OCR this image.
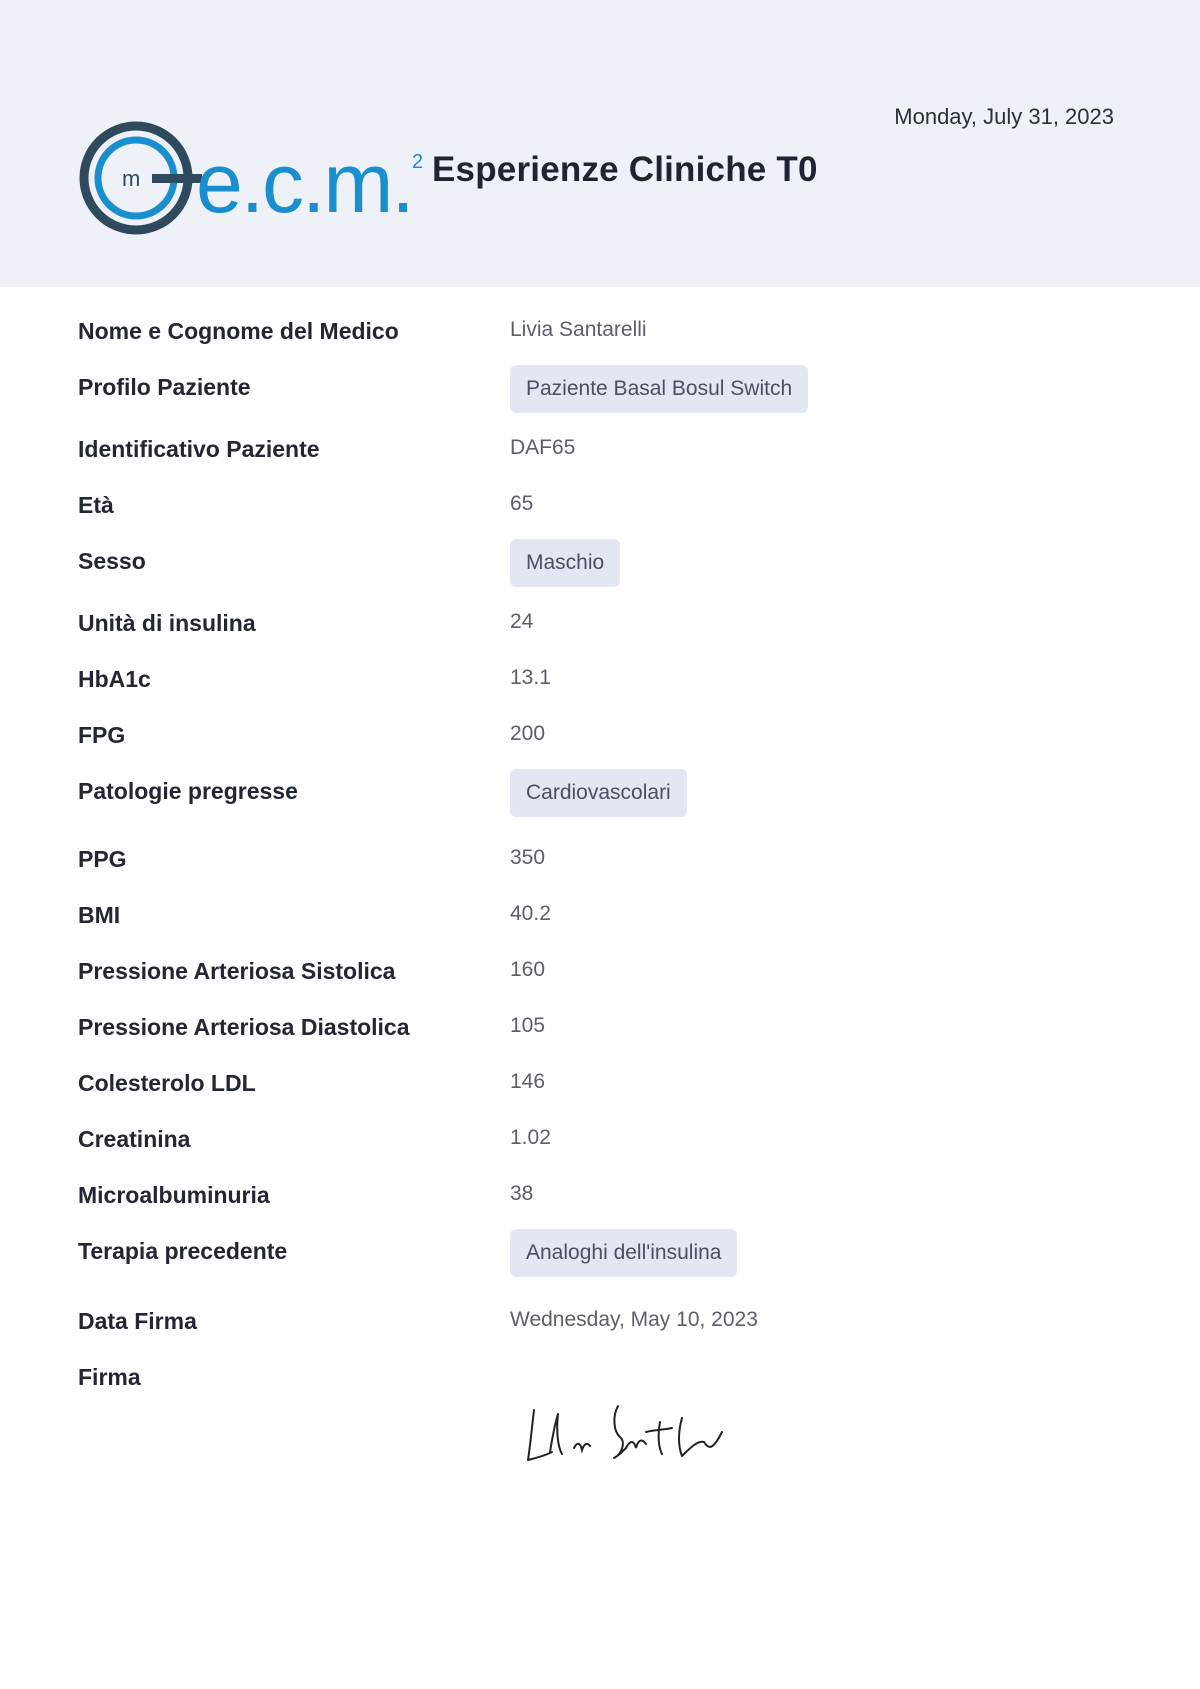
m e.c.m. 2 Esperienze Cliniche T0
Monday, July 31, 2023
Nome e Cognome del Medico	Livia Santarelli
Profilo Paziente	Paziente Basal Bosul Switch
Identificativo Paziente	DAF65
Età	65
Sesso	Maschio
Unità di insulina	24
HbA1c	13.1
FPG	200
Patologie pregresse	Cardiovascolari
PPG	350
BMI	40.2
Pressione Arteriosa Sistolica	160
Pressione Arteriosa Diastolica	105
Colesterolo LDL	146
Creatinina	1.02
Microalbuminuria	38
Terapia precedente	Analoghi dell'insulina
Data Firma	Wednesday, May 10, 2023
Firma
